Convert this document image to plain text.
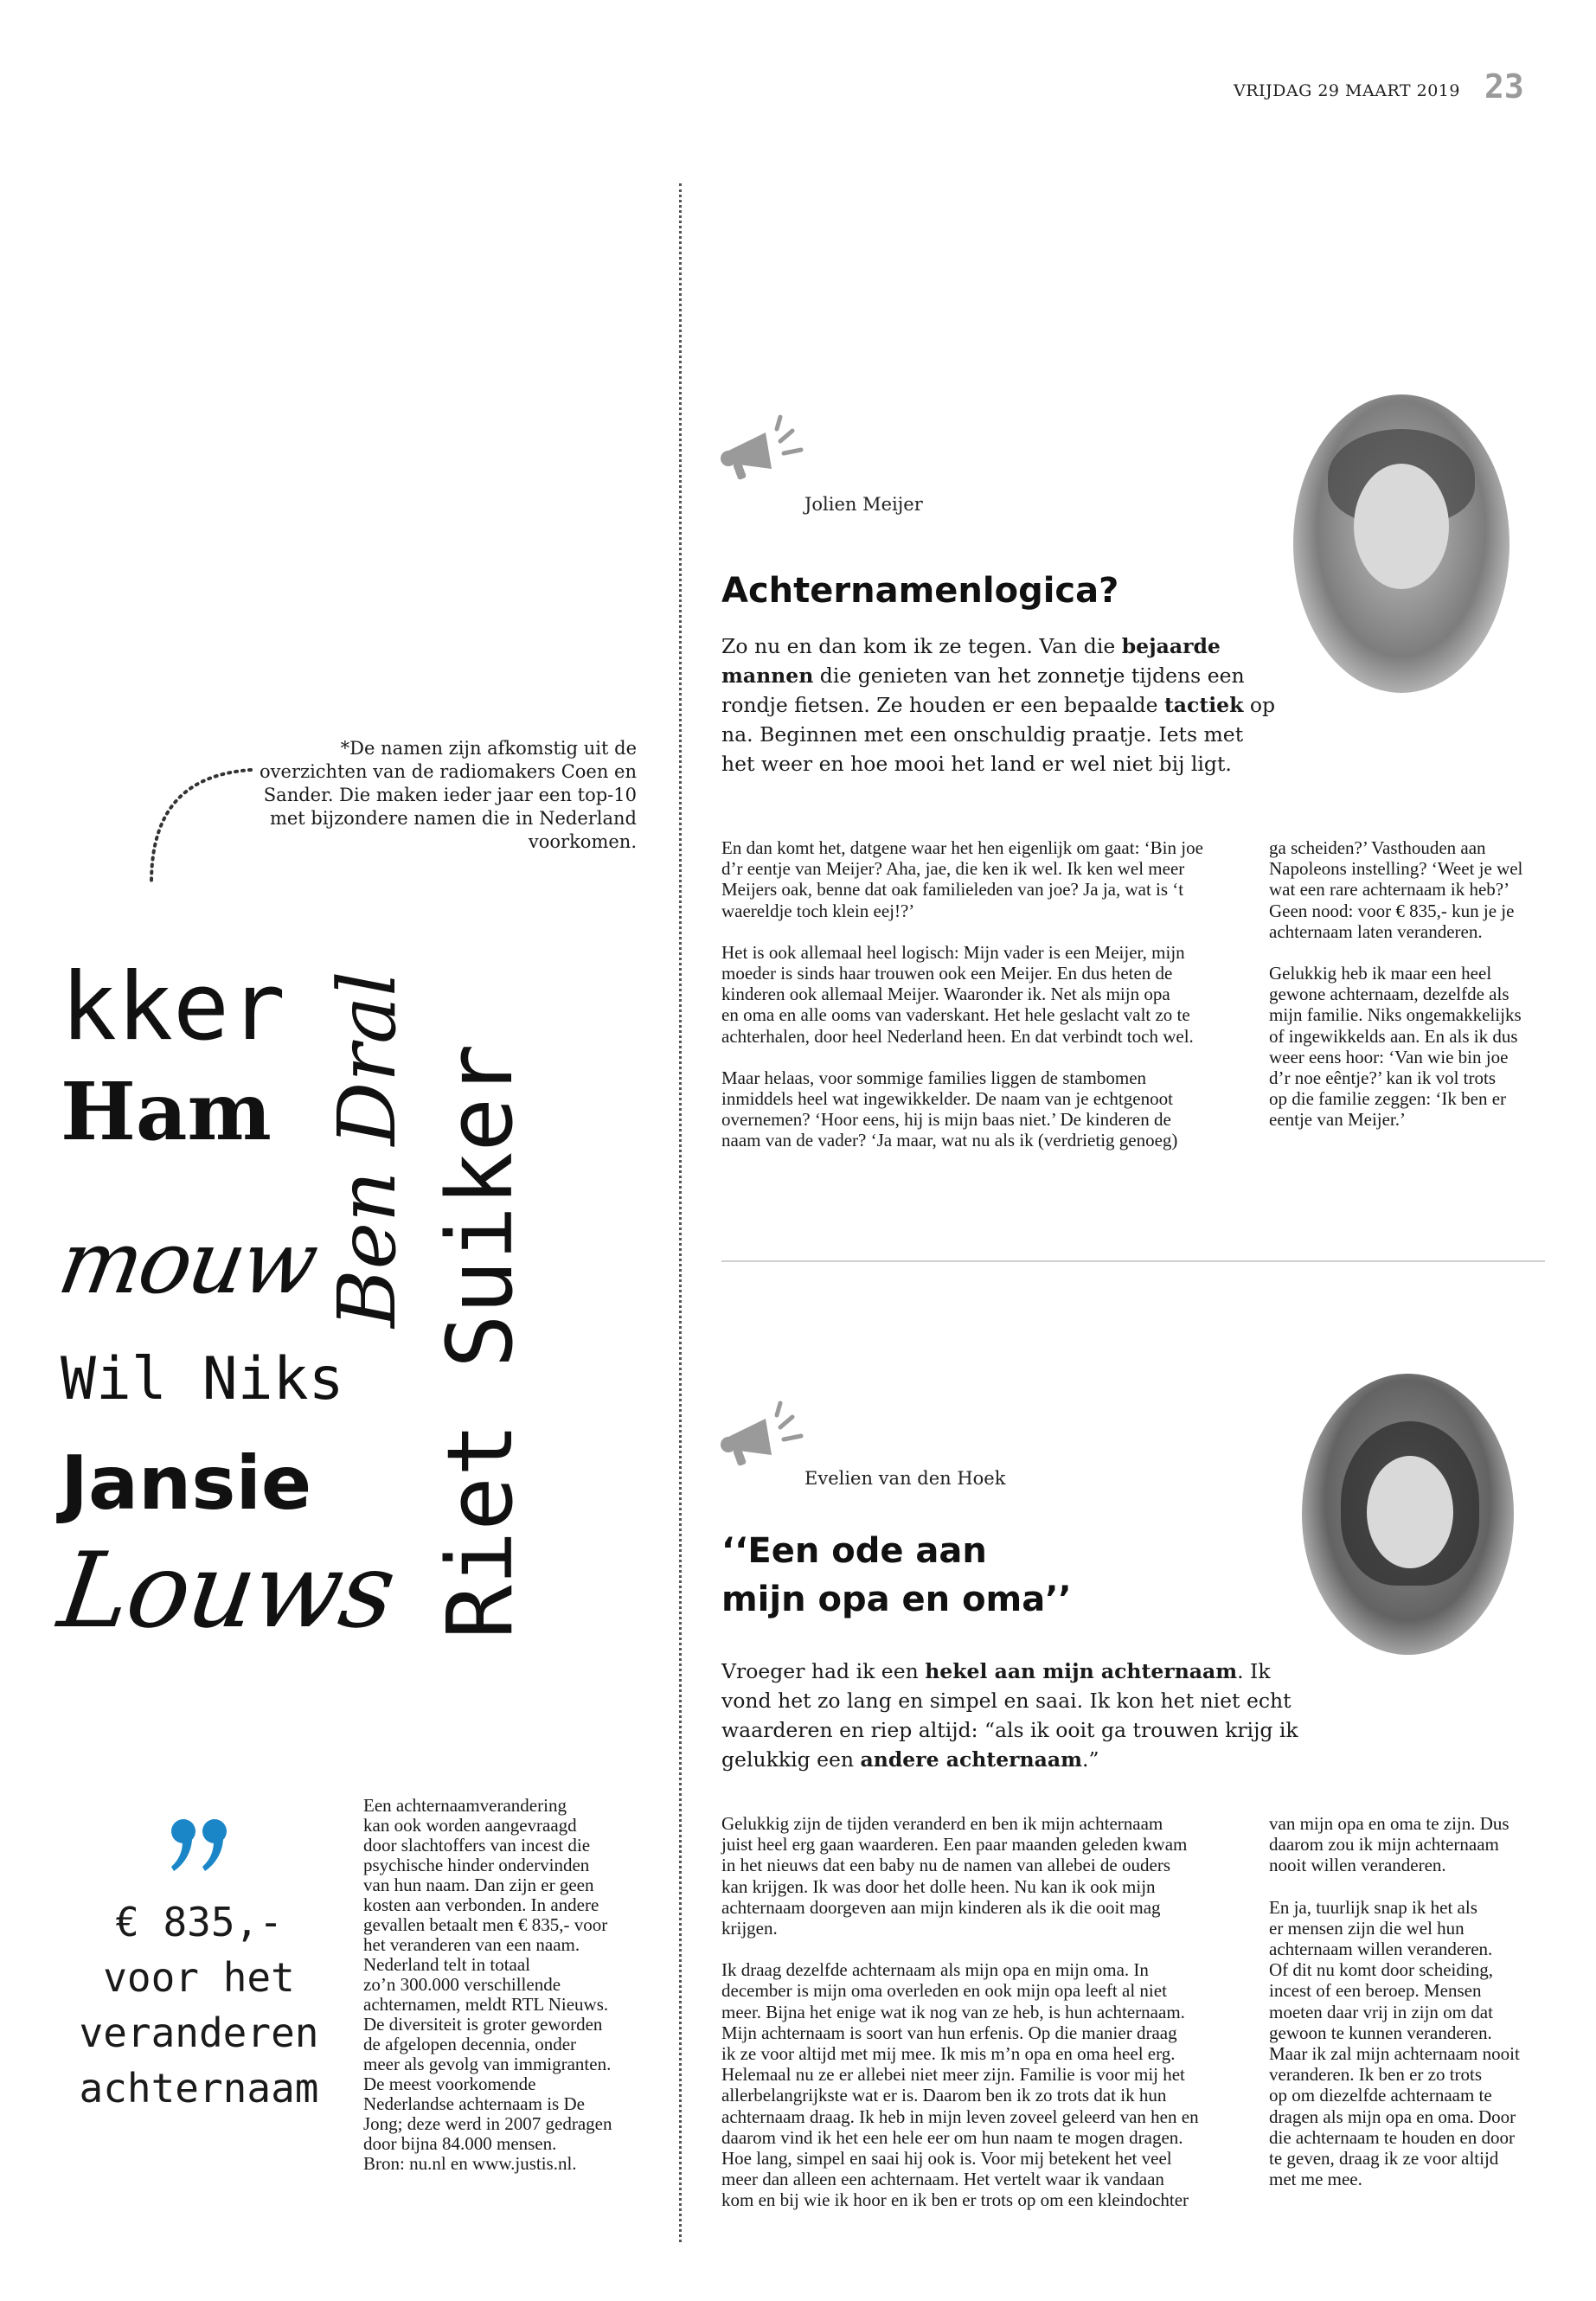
VRIJDAG 29 MAART 2019 23
*De namen zijn afkomstig uit de overzichten van de radiomakers Coen en Sander. Die maken ieder jaar een top-10 met bijzondere namen die in Nederland voorkomen.
kker
Ham
mouw
Wil Niks
Jansie
Louws
Ben Dral Riet Suiker
€ 835,-
voor het
veranderen
achternaam
Een achternaamverandering
kan ook worden aangevraagd
door slachtoffers van incest die
psychische hinder ondervinden
van hun naam. Dan zijn er geen
kosten aan verbonden. In andere
gevallen betaalt men € 835,- voor
het veranderen van een naam.
Nederland telt in totaal
zo’n 300.000 verschillende
achternamen, meldt RTL Nieuws.
De diversiteit is groter geworden
de afgelopen decennia, onder
meer als gevolg van immigranten.
De meest voorkomende
Nederlandse achternaam is De
Jong; deze werd in 2007 gedragen
door bijna 84.000 mensen.
Bron: nu.nl en www.justis.nl.
Jolien Meijer
Achternamenlogica?
Zo nu en dan kom ik ze tegen. Van die bejaarde
mannen die genieten van het zonnetje tijdens een
rondje fietsen. Ze houden er een bepaalde tactiek op
na. Beginnen met een onschuldig praatje. Iets met
het weer en hoe mooi het land er wel niet bij ligt.

En dan komt het, datgene waar het hen eigenlijk om gaat: ‘Bin joe
d’r eentje van Meijer? Aha, jae, die ken ik wel. Ik ken wel meer
Meijers oak, benne dat oak familieleden van joe? Ja ja, wat is ‘t
waereldje toch klein eej!?’

Het is ook allemaal heel logisch: Mijn vader is een Meijer, mijn
moeder is sinds haar trouwen ook een Meijer. En dus heten de
kinderen ook allemaal Meijer. Waaronder ik. Net als mijn opa
en oma en alle ooms van vaderskant. Het hele geslacht valt zo te
achterhalen, door heel Nederland heen. En dat verbindt toch wel.

Maar helaas, voor sommige families liggen de stambomen
inmiddels heel wat ingewikkelder. De naam van je echtgenoot
overnemen? ‘Hoor eens, hij is mijn baas niet.’ De kinderen de
naam van de vader? ‘Ja maar, wat nu als ik (verdrietig genoeg)

ga scheiden?’ Vasthouden aan
Napoleons instelling? ‘Weet je wel
wat een rare achternaam ik heb?’
Geen nood: voor € 835,- kun je je
achternaam laten veranderen.

Gelukkig heb ik maar een heel
gewone achternaam, dezelfde als
mijn familie. Niks ongemakkelijks
of ingewikkelds aan. En als ik dus
weer eens hoor: ‘Van wie bin joe
d’r noe eêntje?’ kan ik vol trots
op die familie zeggen: ‘Ik ben er
eentje van Meijer.’

Evelien van den Hoek
‘‘Een ode aan
mijn opa en oma’’
Vroeger had ik een hekel aan mijn achternaam. Ik
vond het zo lang en simpel en saai. Ik kon het niet echt
waarderen en riep altijd: “als ik ooit ga trouwen krijg ik
gelukkig een andere achternaam.”

Gelukkig zijn de tijden veranderd en ben ik mijn achternaam
juist heel erg gaan waarderen. Een paar maanden geleden kwam
in het nieuws dat een baby nu de namen van allebei de ouders
kan krijgen. Ik was door het dolle heen. Nu kan ik ook mijn
achternaam doorgeven aan mijn kinderen als ik die ooit mag
krijgen.

Ik draag dezelfde achternaam als mijn opa en mijn oma. In
december is mijn oma overleden en ook mijn opa leeft al niet
meer. Bijna het enige wat ik nog van ze heb, is hun achternaam.
Mijn achternaam is soort van hun erfenis. Op die manier draag
ik ze voor altijd met mij mee. Ik mis m’n opa en oma heel erg.
Helemaal nu ze er allebei niet meer zijn. Familie is voor mij het
allerbelangrijkste wat er is. Daarom ben ik zo trots dat ik hun
achternaam draag. Ik heb in mijn leven zoveel geleerd van hen en
daarom vind ik het een hele eer om hun naam te mogen dragen.
Hoe lang, simpel en saai hij ook is. Voor mij betekent het veel
meer dan alleen een achternaam. Het vertelt waar ik vandaan
kom en bij wie ik hoor en ik ben er trots op om een kleindochter

van mijn opa en oma te zijn. Dus
daarom zou ik mijn achternaam
nooit willen veranderen.

En ja, tuurlijk snap ik het als
er mensen zijn die wel hun
achternaam willen veranderen.
Of dit nu komt door scheiding,
incest of een beroep. Mensen
moeten daar vrij in zijn om dat
gewoon te kunnen veranderen.
Maar ik zal mijn achternaam nooit
veranderen. Ik ben er zo trots
op om diezelfde achternaam te
dragen als mijn opa en oma. Door
die achternaam te houden en door
te geven, draag ik ze voor altijd
met me mee.
